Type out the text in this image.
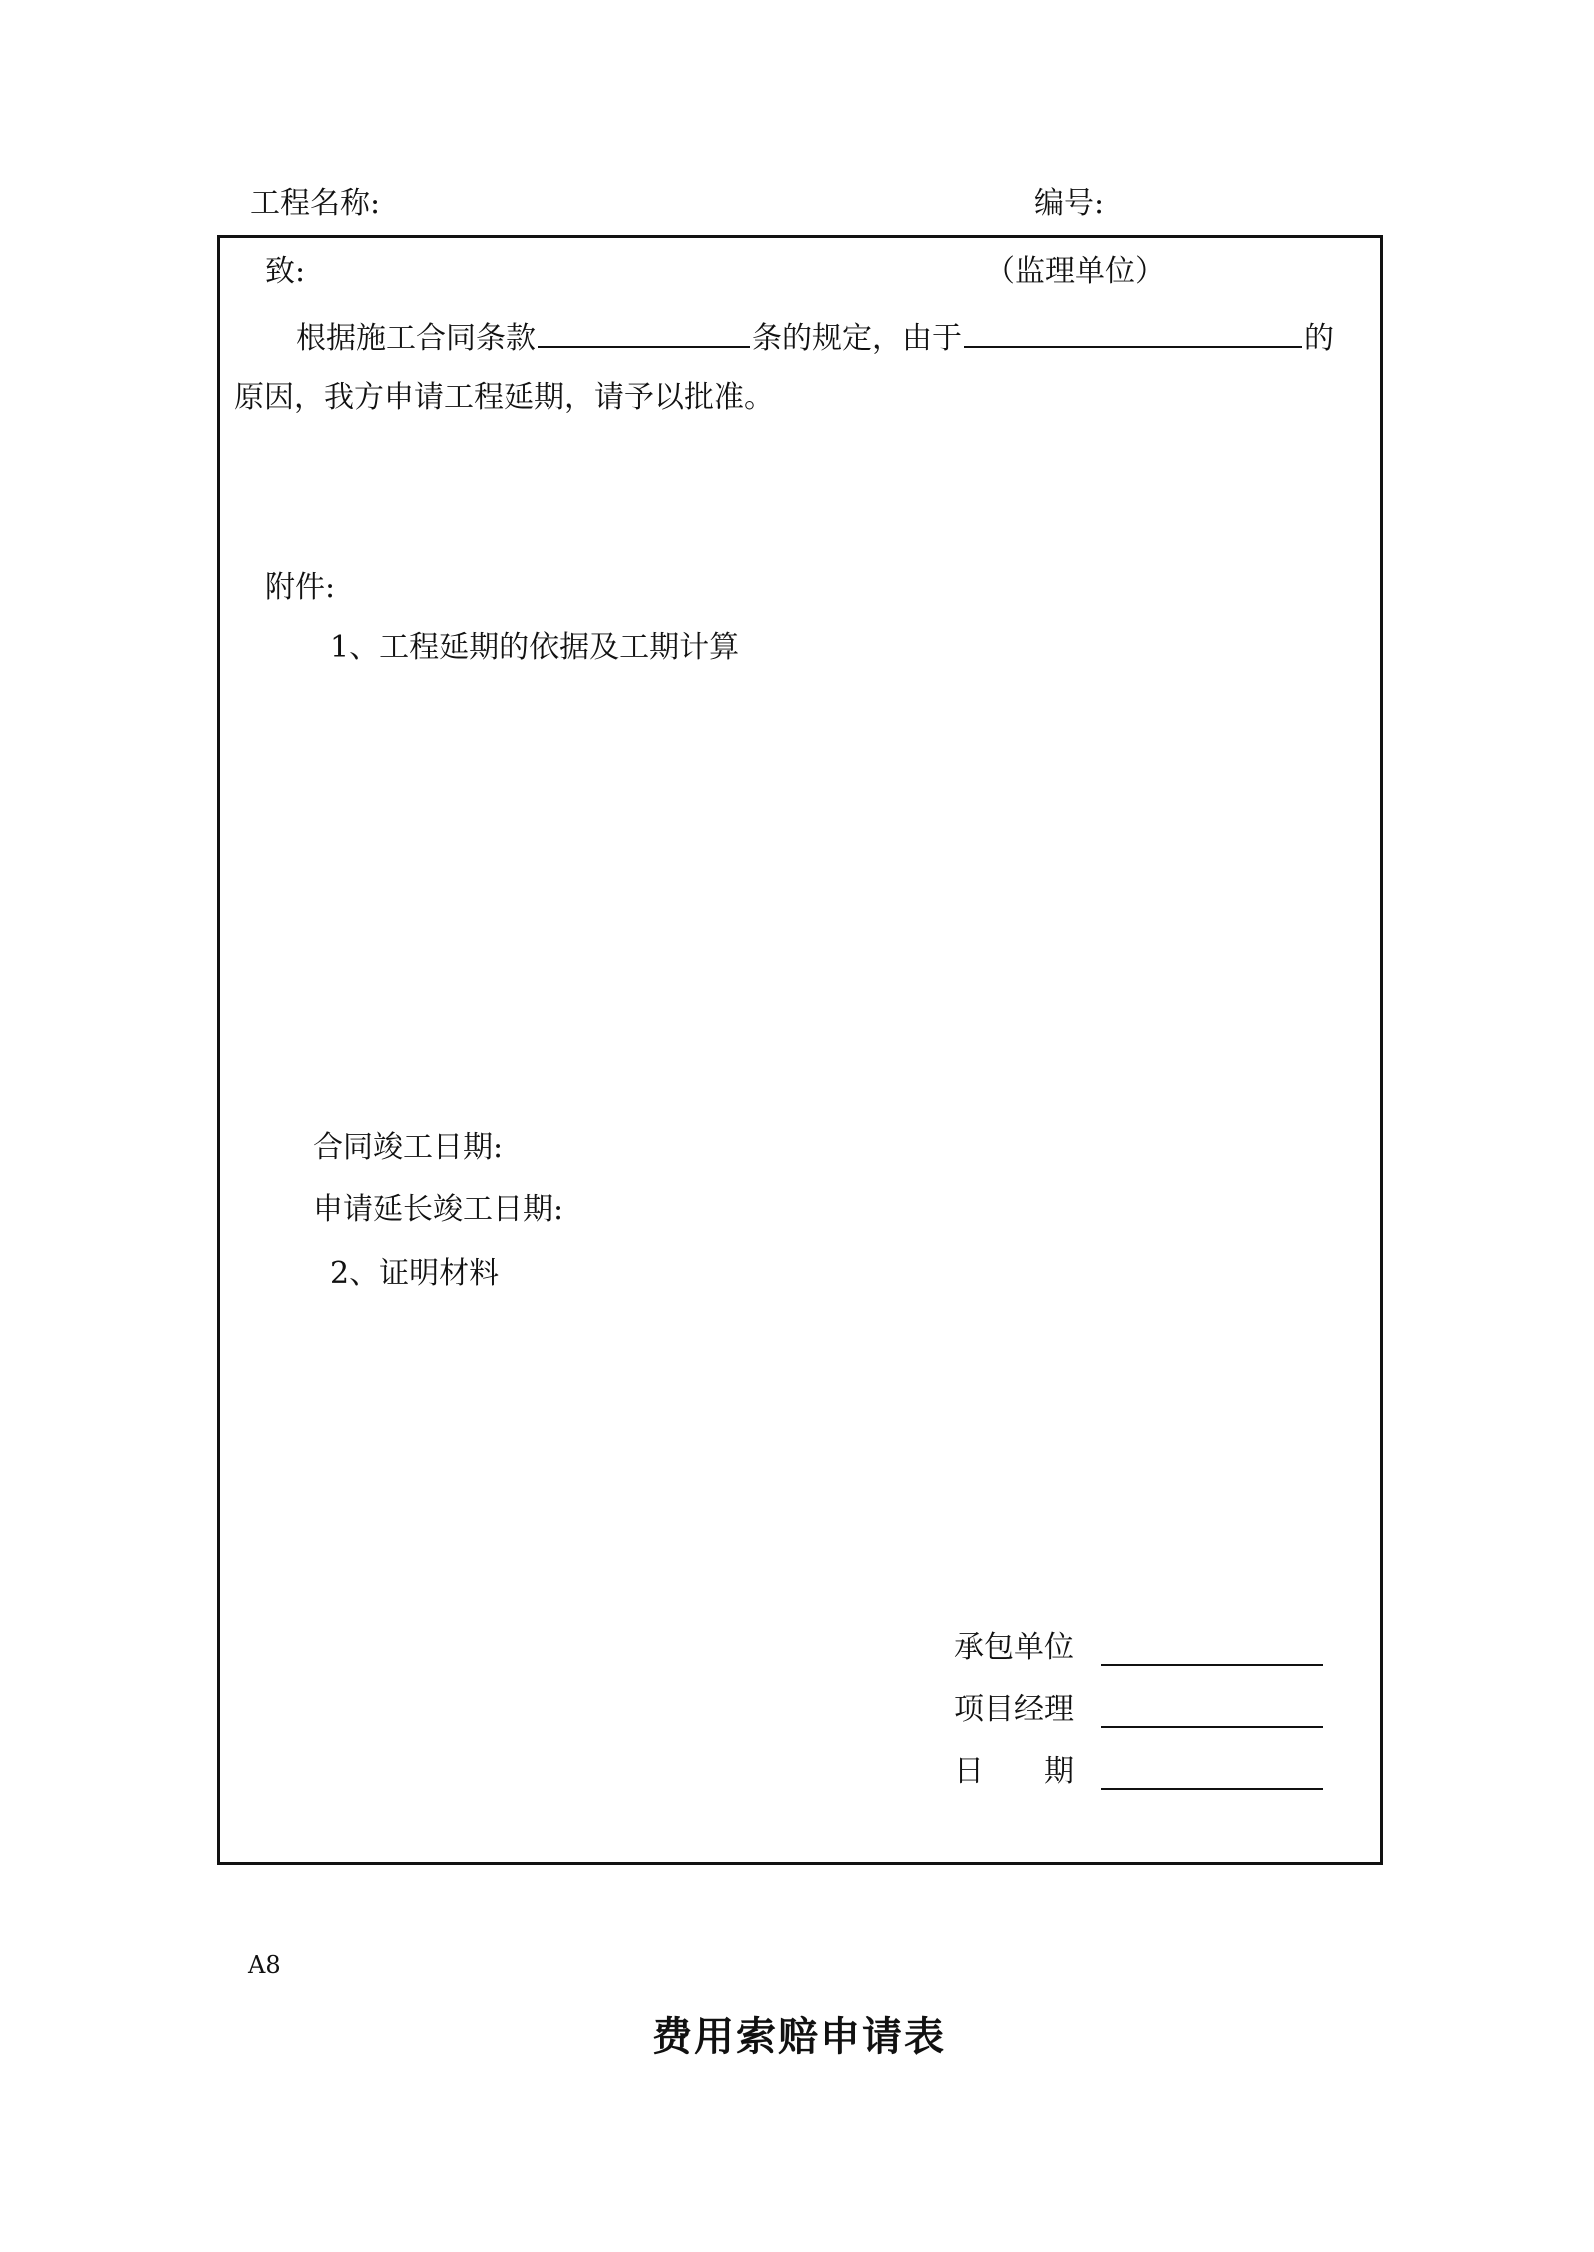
工程名称:	编号:
致:	（监理单位）
根据施工合同条款	条的规定，由于	的
原因，我方申请工程延期，请予以批准。
附件:
1、工程延期的依据及工期计算
合同竣工日期:
申请延长竣工日期:
2、证明材料
承包单位
项目经理
日　　期
A8
费用索赔申请表
